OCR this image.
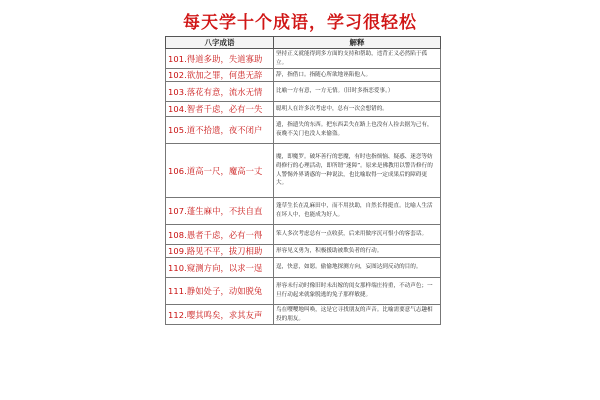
每天学十个成语，学习很轻松
八字成语	解释
101.得道多助，失道寡助	坚持正义就能得到多方面的支持和帮助，违背正义必然陷于孤立。
102.欲加之罪，何患无辞	辞，指借口。指随心所欲地诬陷他人。
103.落花有意，流水无情	比喻一方有意，一方无情。（旧时多指恋爱事。）
104.智者千虑，必有一失	聪明人在许多次考虑中，总有一次会想错的。
105.道不拾遗，夜不闭户	遗，指遗失的东西。把东西丢失在路上也没有人捡去据为己有，夜晚不关门也没人来偷盗。
106.道高一尺，魔高一丈	魔，即魔罗。破坏善行的恶魔，有时也指烦恼、疑惑、迷恋等妨碍修行的心理活动，即所谓“迷障”。原来是佛教用以警告修行的人警惕外界诱惑的一种说法，也比喻取得一定成果后的障碍更大。
107.蓬生麻中，不扶自直	蓬草生长在乱麻田中，而不用扶助，自然长得挺直。比喻人生活在坏人中，也能成为好人。
108.愚者千虑，必有一得	笨人多次考虑总有一点收获，后来用做序沉可恨小的客套话。
109.路见不平，拔刀相助	形容见义勇为，积极援助被欺负者的行动。
110.窥测方向，以求一逞	逞，快意，如愿。偷偷地探测方向，妄图达到反动的目的。
111.静如处子，动如脱兔	形容未行动时像旧时未出嫁的闺女那样端庄持重，不动声色；一旦行动起来就象脱逃的兔子那样敏捷。
112.嘤其鸣矣，求其友声	鸟在嘤嘤地叫唤，这是它寻找朋友的声音。比喻需要意气志趣相投的朋友。
